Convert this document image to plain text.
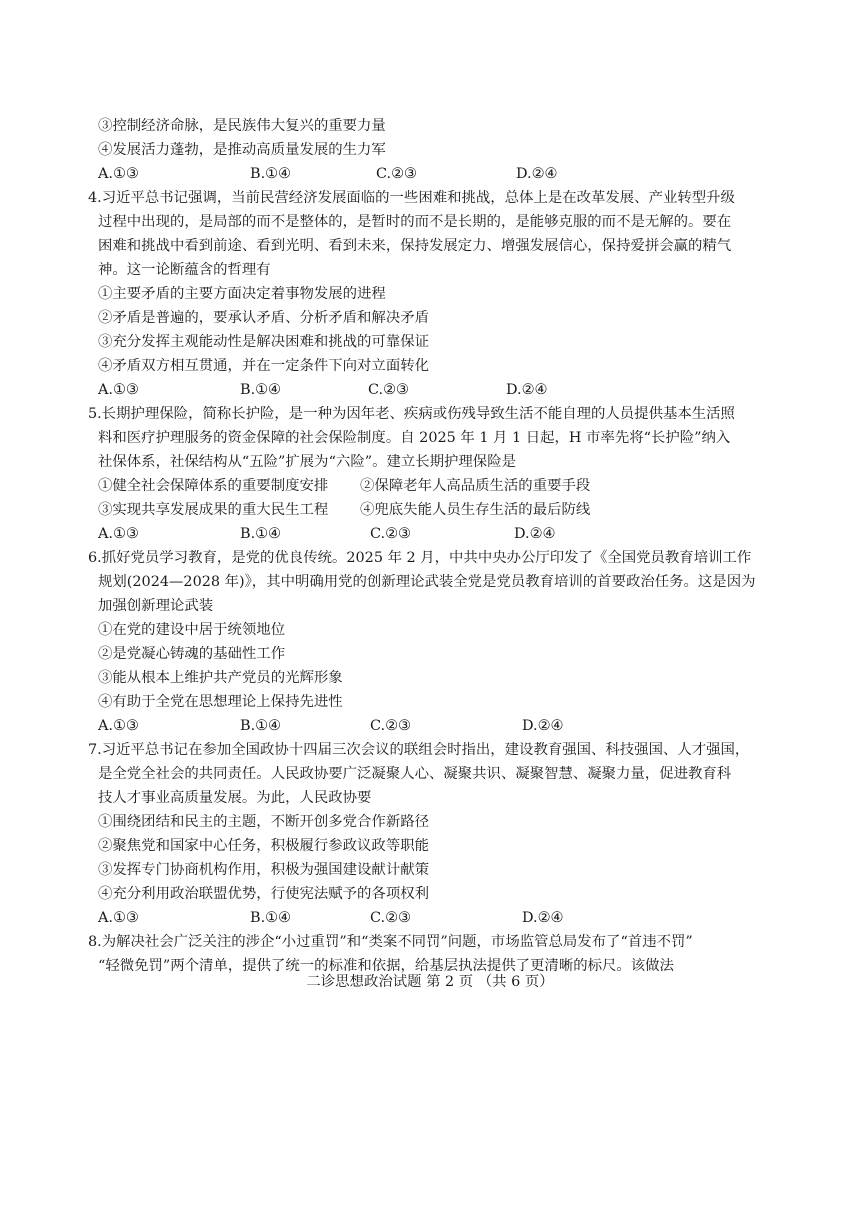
③控制经济命脉，是民族伟大复兴的重要力量
④发展活力蓬勃，是推动高质量发展的生力军
A.①③	B.①④	C.②③	D.②④
4.习近平总书记强调，当前民营经济发展面临的一些困难和挑战，总体上是在改革发展、产业转型升级
过程中出现的，是局部的而不是整体的，是暂时的而不是长期的，是能够克服的而不是无解的。要在
困难和挑战中看到前途、看到光明、看到未来，保持发展定力、增强发展信心，保持爱拼会赢的精气
神。这一论断蕴含的哲理有
①主要矛盾的主要方面决定着事物发展的进程
②矛盾是普遍的，要承认矛盾、分析矛盾和解决矛盾
③充分发挥主观能动性是解决困难和挑战的可靠保证
④矛盾双方相互贯通，并在一定条件下向对立面转化
A.①③	B.①④	C.②③	D.②④
5.长期护理保险，简称长护险，是一种为因年老、疾病或伤残导致生活不能自理的人员提供基本生活照
料和医疗护理服务的资金保障的社会保险制度。自 2025 年 1 月 1 日起，H 市率先将“长护险”纳入
社保体系，社保结构从“五险”扩展为“六险”。建立长期护理保险是
①健全社会保障体系的重要制度安排 ②保障老年人高品质生活的重要手段
③实现共享发展成果的重大民生工程 ④兜底失能人员生存生活的最后防线
A.①③	B.①④	C.②③	D.②④
6.抓好党员学习教育，是党的优良传统。2025 年 2 月，中共中央办公厅印发了《全国党员教育培训工作
规划(2024—2028 年)》，其中明确用党的创新理论武装全党是党员教育培训的首要政治任务。这是因为
加强创新理论武装
①在党的建设中居于统领地位
②是党凝心铸魂的基础性工作
③能从根本上维护共产党员的光辉形象
④有助于全党在思想理论上保持先进性
A.①③	B.①④	C.②③	D.②④
7.习近平总书记在参加全国政协十四届三次会议的联组会时指出，建设教育强国、科技强国、人才强国，
是全党全社会的共同责任。人民政协要广泛凝聚人心、凝聚共识、凝聚智慧、凝聚力量，促进教育科
技人才事业高质量发展。为此，人民政协要
①围绕团结和民主的主题，不断开创多党合作新路径
②聚焦党和国家中心任务，积极履行参政议政等职能
③发挥专门协商机构作用，积极为强国建设献计献策
④充分利用政治联盟优势，行使宪法赋予的各项权利
A.①③	B.①④	C.②③	D.②④
8.为解决社会广泛关注的涉企“小过重罚”和“类案不同罚”问题，市场监管总局发布了“首违不罚”
“轻微免罚”两个清单，提供了统一的标准和依据，给基层执法提供了更清晰的标尺。该做法
二诊思想政治试题 第 2 页 （共 6 页）
